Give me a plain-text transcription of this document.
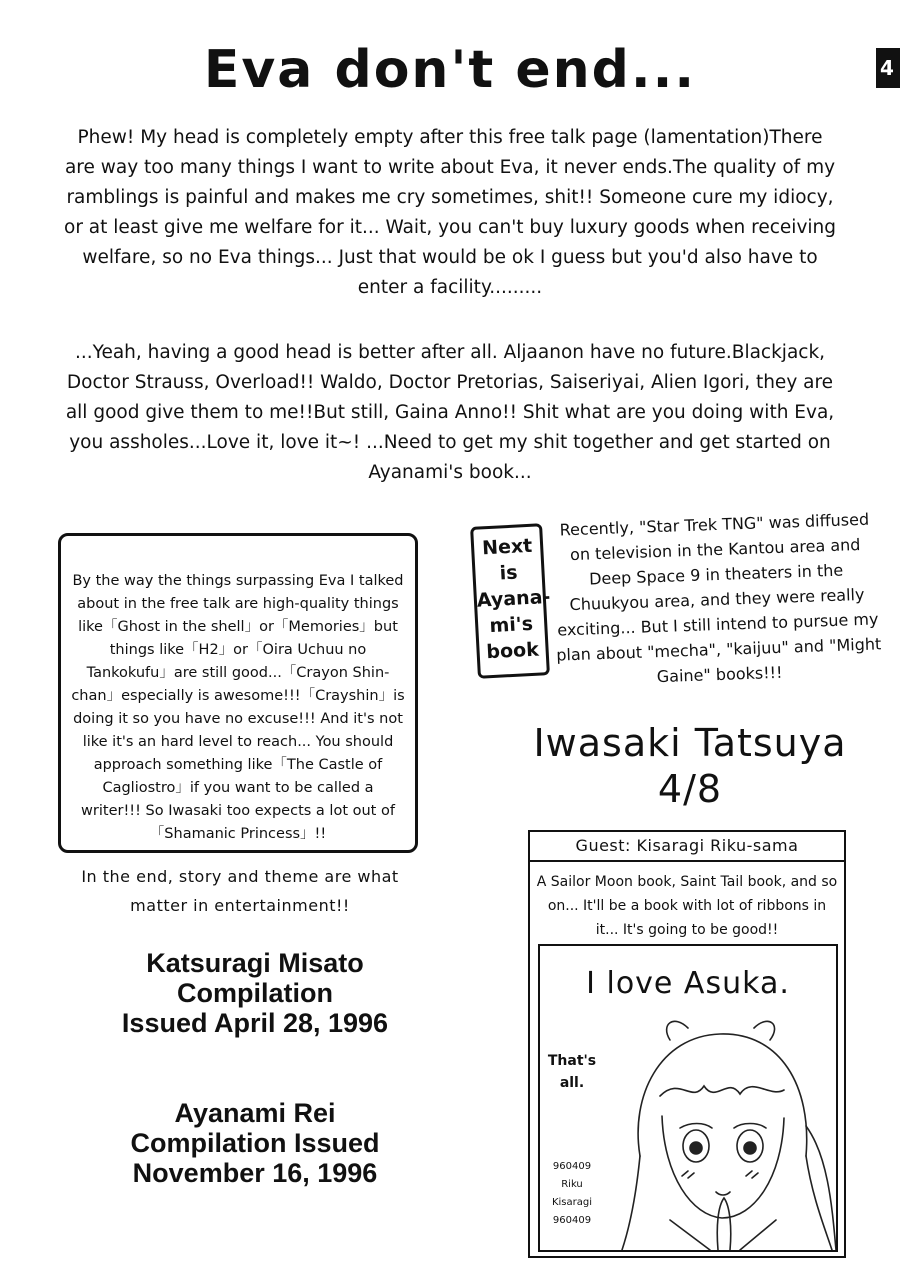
4
Eva don't end...
Phew! My head is completely empty after this free talk page (lamentation)There are way too many things I want to write about Eva, it never ends.The quality of my ramblings is painful and makes me cry sometimes, shit!! Someone cure my idiocy, or at least give me welfare for it... Wait, you can't buy luxury goods when receiving welfare, so no Eva things... Just that would be ok I guess but you'd also have to enter a facility.........
...Yeah, having a good head is better after all. Aljaanon have no future.Blackjack, Doctor Strauss, Overload!! Waldo, Doctor Pretorias, Saiseriyai, Alien Igori, they are all good give them to me!!But still, Gaina Anno!! Shit what are you doing with Eva, you assholes...Love it, love it~! ...Need to get my shit together and get started on Ayanami's book...
By the way the things surpassing Eva I talked about in the free talk are high-quality things like「Ghost in the shell」or「Memories」but things like「H2」or「Oira Uchuu no Tankokufu」are still good...「Crayon Shin-chan」especially is awesome!!!「Crayshin」is doing it so you have no excuse!!! And it's not like it's an hard level to reach... You should approach something like「The Castle of Cagliostro」if you want to be called a writer!!! So Iwasaki too expects a lot out of「Shamanic Princess」!!
In the end, story and theme are what matter in entertainment!!
Katsuragi Misato
Compilation
Issued April 28, 1996
Ayanami Rei
Compilation Issued
November 16, 1996
Next
is
Ayana-
mi's
book
Recently, "Star Trek TNG" was diffused on television in the Kantou area and Deep Space 9 in theaters in the Chuukyou area, and they were really exciting... But I still intend to pursue my plan about "mecha", "kaijuu" and "Might Gaine" books!!!
Iwasaki Tatsuya
4/8
Guest: Kisaragi Riku-sama
A Sailor Moon book, Saint Tail book, and so on... It'll be a book with lot of ribbons in it... It's going to be good!!
I love Asuka.
That's all.
960409
Riku
Kisaragi
960409
